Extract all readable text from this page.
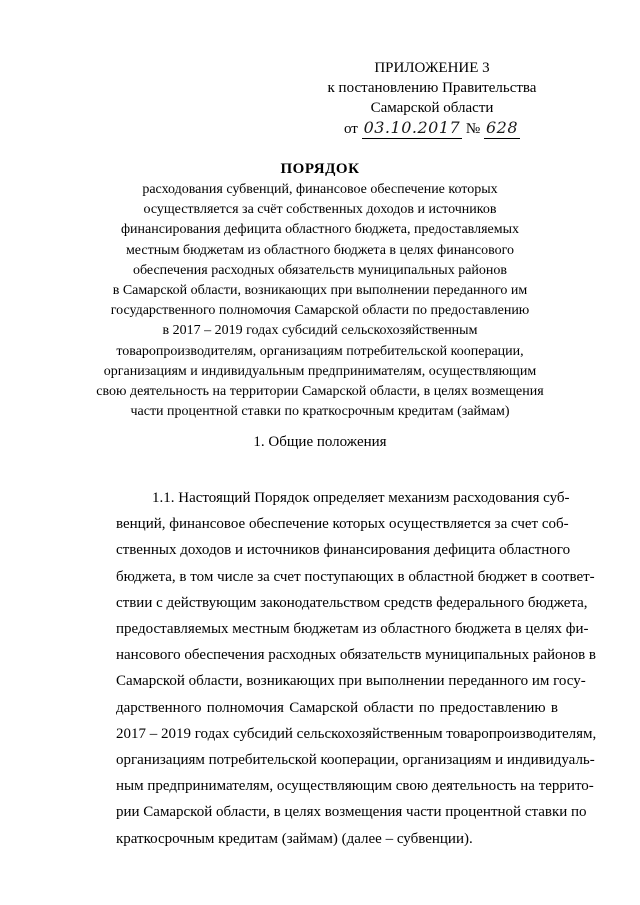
ПРИЛОЖЕНИЕ 3
к постановлению Правительства
Самарской области
от 03.10.2017 № 628
ПОРЯДОК
расходования субвенций, финансовое обеспечение которых
осуществляется за счёт собственных доходов и источников
финансирования дефицита областного бюджета, предоставляемых
местным бюджетам из областного бюджета в целях финансового
обеспечения расходных обязательств муниципальных районов
в Самарской области, возникающих при выполнении переданного им
государственного полномочия Самарской области по предоставлению
в 2017 – 2019 годах субсидий сельскохозяйственным
товаропроизводителям, организациям потребительской кооперации,
организациям и индивидуальным предпринимателям, осуществляющим
свою деятельность на территории Самарской области, в целях возмещения
части процентной ставки по краткосрочным кредитам (займам)
1. Общие положения
1.1. Настоящий Порядок определяет механизм расходования суб-
венций, финансовое обеспечение которых осуществляется за счет соб-
ственных доходов и источников финансирования дефицита областного
бюджета, в том числе за счет поступающих в областной бюджет в соответ-
ствии с действующим законодательством средств федерального бюджета,
предоставляемых местным бюджетам из областного бюджета в целях фи-
нансового обеспечения расходных обязательств муниципальных районов в
Самарской области, возникающих при выполнении переданного им госу-
дарственного полномочия Самарской области по предоставлению в
2017 – 2019 годах субсидий сельскохозяйственным товаропроизводителям,
организациям потребительской кооперации, организациям и индивидуаль-
ным предпринимателям, осуществляющим свою деятельность на террито-
рии Самарской области, в целях возмещения части процентной ставки по
краткосрочным кредитам (займам) (далее – субвенции).
